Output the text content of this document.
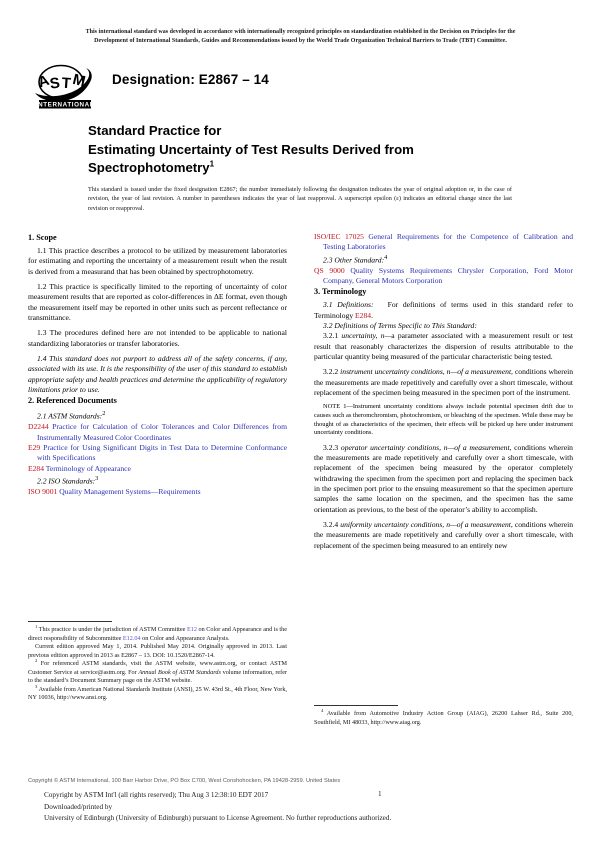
This international standard was developed in accordance with internationally recognized principles on standardization established in the Decision on Principles for the
Development of International Standards, Guides and Recommendations issued by the World Trade Organization Technical Barriers to Trade (TBT) Committee.
A
S T M
INTERNATIONAL
Designation: E2867 – 14
Standard Practice for
Estimating Uncertainty of Test Results Derived from
Spectrophotometry$^1$
This standard is issued under the fixed designation E2867; the number immediately following the designation indicates the year of original adoption or, in the case of revision, the year of last revision. A number in parentheses indicates the year of last reapproval. A superscript epsilon (ε) indicates an editorial change since the last revision or reapproval.
1. Scope

1.1 This practice describes a protocol to be utilized by measurement laboratories for estimating and reporting the uncertainty of a measurement result when the result is derived from a measurand that has been obtained by spectrophotometry.

1.2 This practice is specifically limited to the reporting of uncertainty of color measurement results that are reported as color-differences in ΔE format, even though the measurement itself may be reported in other units such as percent reflectance or transmittance.

1.3 The procedures defined here are not intended to be applicable to national standardizing laboratories or transfer laboratories.

1.4 This standard does not purport to address all of the safety concerns, if any, associated with its use. It is the responsibility of the user of this standard to establish appropriate safety and health practices and determine the applicability of regulatory limitations prior to use.

2. Referenced Documents

2.1 ASTM Standards:$^2$

D2244 Practice for Calculation of Color Tolerances and Color Differences from Instrumentally Measured Color Coordinates

E29 Practice for Using Significant Digits in Test Data to Determine Conformance with Specifications

E284 Terminology of Appearance

2.2 ISO Standards:$^3$

ISO 9001 Quality Management Systems—Requirements

ISO/IEC 17025 General Requirements for the Competence of Calibration and Testing Laboratories

2.3 Other Standard:$^4$

QS 9000 Quality Systems Requirements Chrysler Corporation, Ford Motor Company, General Motors Corporation

3. Terminology

3.1 Definitions: For definitions of terms used in this standard refer to Terminology E284.

3.2 Definitions of Terms Specific to This Standard:

3.2.1 uncertainty, n—a parameter associated with a measurement result or test result that reasonably characterizes the dispersion of results attributable to the particular quantity being measured of the particular characteristic being tested.

3.2.2 instrument uncertainty conditions, n—of a measurement, conditions wherein the measurements are made repetitively and carefully over a short timescale, without replacement of the specimen being measured in the specimen port of the instrument.

NOTE 1—Instrument uncertainty conditions always include potential specimen drift due to causes such as theromchromism, photochromism, or bleaching of the specimen. While these may be thought of as characteristics of the specimen, their effects will be picked up here under instrument uncertainty conditions.

3.2.3 operator uncertainty conditions, n—of a measurement, conditions wherein the measurements are made repetitively and carefully over a short timescale, with replacement of the specimen being measured by the operator completely withdrawing the specimen from the specimen port and replacing the specimen back in the specimen port prior to the ensuing measurement so that the specimen aperture samples the same location on the specimen, and the specimen has the same orientation as previous, to the best of the operator’s ability to accomplish.

3.2.4 uniformity uncertainty conditions, n—of a measurement, conditions wherein the measurements are made repetitively and carefully over a short timescale, with replacement of the specimen being measured to an entirely new

$^1$ This practice is under the jurisdiction of ASTM Committee E12 on Color and Appearance and is the direct responsibility of Subcommittee E12.04 on Color and Appearance Analysis.

Current edition approved May 1, 2014. Published May 2014. Originally approved in 2013. Last previous edition approved in 2013 as E2867 – 13. DOI: 10.1520/E2867-14.

$^2$ For referenced ASTM standards, visit the ASTM website, www.astm.org, or contact ASTM Customer Service at service@astm.org. For Annual Book of ASTM Standards volume information, refer to the standard’s Document Summary page on the ASTM website.

$^3$ Available from American National Standards Institute (ANSI), 25 W. 43rd St., 4th Floor, New York, NY 10036, http://www.ansi.org.

$^4$ Available from Automotive Industry Action Group (AIAG), 26200 Lahser Rd., Suite 200, Southfield, MI 48033, http://www.aiag.org.

Copyright © ASTM International, 100 Barr Harbor Drive, PO Box C700, West Conshohocken, PA 19428-2959. United States
Copyright by ASTM Int'l (all rights reserved); Thu Aug 3 12:38:10 EDT 2017
Downloaded/printed by
University of Edinburgh (University of Edinburgh) pursuant to License Agreement. No further reproductions authorized.
1
